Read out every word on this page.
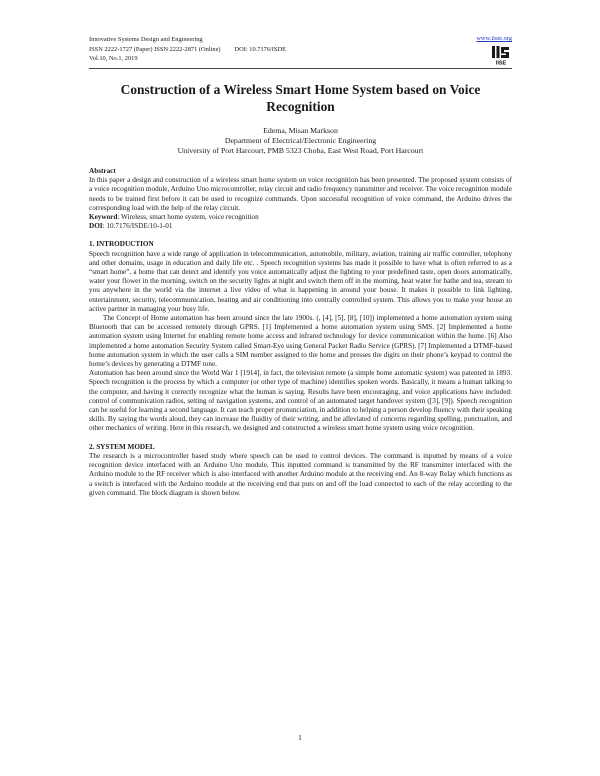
Innovative Systems Design and Engineering
ISSN 2222-1727 (Paper) ISSN 2222-2871 (Online) DOI: 10.7176/ISDE
Vol.10, No.1, 2019
www.iiste.org
IISE
Construction of a Wireless Smart Home System based on Voice Recognition
Edema, Misan Markson
Department of Electrical/Electronic Engineering
University of Port Harcourt, PMB 5323 Choba, East West Road, Port Harcourt

Abstract

In this paper a design and construction of a wireless smart home system on voice recognition has been presented. The proposed system consists of a voice recognition module, Arduino Uno microcontroller, relay circuit and radio frequency transmitter and receiver. The voice recognition module needs to be trained first before it can be used to recognize commands. Upon successful recognition of voice command, the Arduino drives the corresponding load with the help of the relay circuit.

Keyword: Wireless, smart home system, voice recognition

DOI: 10.7176/ISDE/10-1-01

1. INTRODUCTION

Speech recognition have a wide range of application in telecommunication, automobile, military, aviation, training air traffic controller, telephony and other domains, usage in education and daily life etc. . Speech recognition systems has made it possible to have what is often referred to as a “smart home”, a home that can detect and identify you voice automatically adjust the lighting to your predefined taste, open doors automatically, water your flower in the morning, switch on the security lights at night and switch them off in the morning, heat water for bathe and tea, stream to you anywhere in the world via the internet a live video of what is happening in around your house. It makes it possible to link lighting, entertainment, security, telecommunication, heating and air conditioning into centrally controlled system. This allows you to make your house an active partner in managing your busy life.

The Concept of Home automation has been around since the late 1900s. (, [4], [5], [8], [10]) implemented a home automation system using Bluetooth that can be accessed remotely through GPRS. [1] Implemented a home automation system using SMS. [2] Implemented a home automation system using Internet for enabling remote home access and infrared technology for device communication within the home. [6] Also implemented a home automation Security System called Smart-Eye using General Packet Radio Service (GPRS). [7] Implemented a DTMF-based home automation system in which the user calls a SIM number assigned to the home and presses the digits on their phone’s keypad to control the home’s devices by generating a DTMF tone.

Automation has been around since the World War 1 [1914], in fact, the television remote (a simple home automatic system) was patented in 1893. Speech recognition is the process by which a computer (or other type of machine) identifies spoken words. Basically, it means a human talking to the computer, and having it correctly recognize what the human is saying. Results have been encouraging, and voice applications have included: control of communication radios, setting of navigation systems, and control of an automated target handover system ([3], [9]). Speech recognition can be useful for learning a second language. It can teach proper pronunciation, in addition to helping a person develop fluency with their speaking skills. By saying the words aloud, they can increase the fluidity of their writing, and be alleviated of concerns regarding spelling, punctuation, and other mechanics of writing. Here in this research, we designed and constructed a wireless smart home system using voice recognition.

2. SYSTEM MODEL

The research is a microcontroller based study where speech can be used to control devices. The command is inputted by means of a voice recognition device interfaced with an Arduino Uno module. This inputted command is transmitted by the RF transmitter interfaced with the Arduino module to the RF receiver which is also interfaced with another Arduino module at the receiving end. An 8-way Relay which functions as a switch is interfaced with the Arduino module at the receiving end that puts on and off the load connected to each of the relay according to the given command. The block diagram is shown below.

1
